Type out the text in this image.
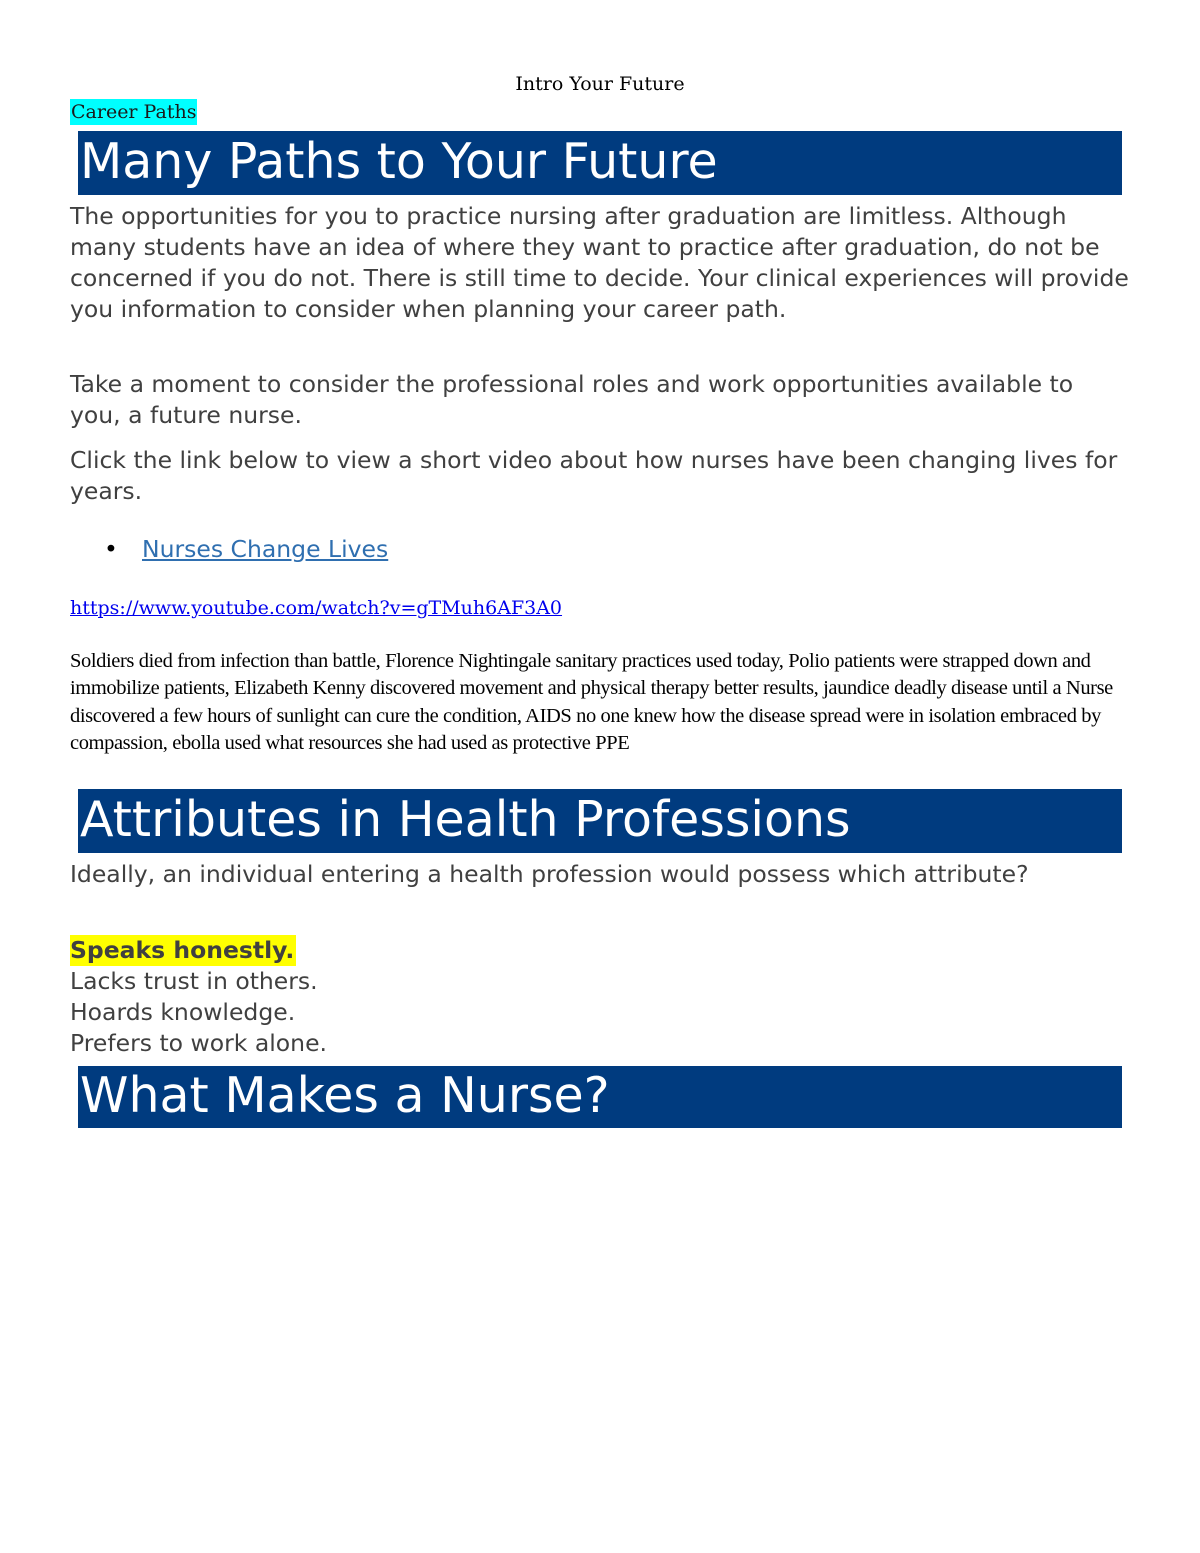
Intro Your Future
Career Paths
Many Paths to Your Future

The opportunities for you to practice nursing after graduation are limitless. Although many students have an idea of where they want to practice after graduation, do not be concerned if you do not. There is still time to decide. Your clinical experiences will provide you information to consider when planning your career path.

Take a moment to consider the professional roles and work opportunities available to you, a future nurse.

Click the link below to view a short video about how nurses have been changing lives for years.

• Nurses Change Lives
https://www.youtube.com/watch?v=gTMuh6AF3A0

Soldiers died from infection than battle, Florence Nightingale sanitary practices used today, Polio patients were strapped down and immobilize patients, Elizabeth Kenny discovered movement and physical therapy better results, jaundice deadly disease until a Nurse discovered a few hours of sunlight can cure the condition, AIDS no one knew how the disease spread were in isolation embraced by compassion, ebolla used what resources she had used as protective PPE

Attributes in Health Professions

Ideally, an individual entering a health profession would possess which attribute?

Speaks honestly.
Lacks trust in others.
Hoards knowledge.
Prefers to work alone.
What Makes a Nurse?
